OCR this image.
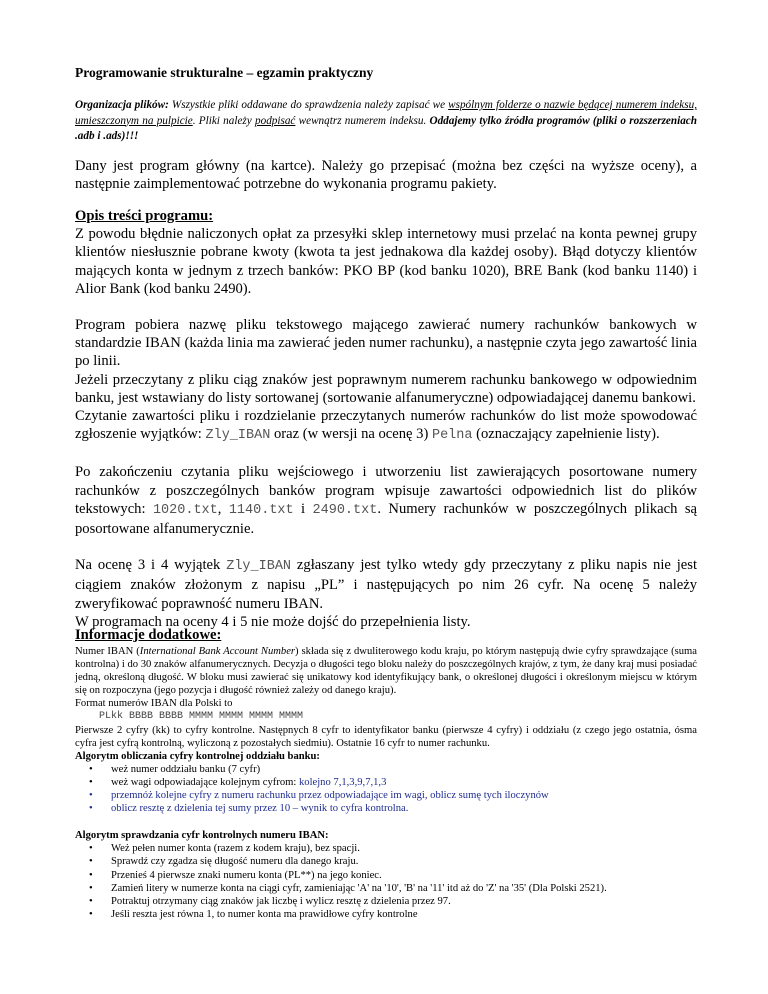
Programowanie strukturalne – egzamin praktyczny
Organizacja plików: Wszystkie pliki oddawane do sprawdzenia należy zapisać we wspólnym folderze o nazwie będącej numerem indeksu, umieszczonym na pulpicie. Pliki należy podpisać wewnątrz numerem indeksu. Oddajemy tylko źródła programów (pliki o rozszerzeniach .adb i .ads)!!!
Dany jest program główny (na kartce). Należy go przepisać (można bez części na wyższe oceny), a następnie zaimplementować potrzebne do wykonania programu pakiety.
Opis treści programu:
Z powodu błędnie naliczonych opłat za przesyłki sklep internetowy musi przelać na konta pewnej grupy klientów niesłusznie pobrane kwoty (kwota ta jest jednakowa dla każdej osoby). Błąd dotyczy klientów mających konta w jednym z trzech banków: PKO BP (kod banku 1020), BRE Bank (kod banku 1140) i Alior Bank (kod banku 2490).
Program pobiera nazwę pliku tekstowego mającego zawierać numery rachunków bankowych w standardzie IBAN (każda linia ma zawierać jeden numer rachunku), a następnie czyta jego zawartość linia po linii.
Jeżeli przeczytany z pliku ciąg znaków jest poprawnym numerem rachunku bankowego w odpowiednim banku, jest wstawiany do listy sortowanej (sortowanie alfanumeryczne) odpowiadającej danemu bankowi.
Czytanie zawartości pliku i rozdzielanie przeczytanych numerów rachunków do list może spowodować zgłoszenie wyjątków: Zly_IBAN oraz (w wersji na ocenę 3) Pelna (oznaczający zapełnienie listy).
Po zakończeniu czytania pliku wejściowego i utworzeniu list zawierających posortowane numery rachunków z poszczególnych banków program wpisuje zawartości odpowiednich list do plików tekstowych: 1020.txt, 1140.txt i 2490.txt. Numery rachunków w poszczególnych plikach są posortowane alfanumerycznie.
Na ocenę 3 i 4 wyjątek Zly_IBAN zgłaszany jest tylko wtedy gdy przeczytany z pliku napis nie jest ciągiem znaków złożonym z napisu „PL” i następujących po nim 26 cyfr. Na ocenę 5 należy zweryfikować poprawność numeru IBAN.
W programach na oceny 4 i 5 nie może dojść do przepełnienia listy.
Informacje dodatkowe:
Numer IBAN (International Bank Account Number) składa się z dwuliterowego kodu kraju, po którym następują dwie cyfry sprawdzające (suma kontrolna) i do 30 znaków alfanumerycznych. Decyzja o długości tego bloku należy do poszczególnych krajów, z tym, że dany kraj musi posiadać jedną, określoną długość. W bloku musi zawierać się unikatowy kod identyfikujący bank, o określonej długości i określonym miejscu w którym się on rozpoczyna (jego pozycja i długość również zależy od danego kraju).
Format numerów IBAN dla Polski to
PLkk BBBB BBBB MMMM MMMM MMMM MMMM
Pierwsze 2 cyfry (kk) to cyfry kontrolne. Następnych 8 cyfr to identyfikator banku (pierwsze 4 cyfry) i oddziału (z czego jego ostatnia, ósma cyfra jest cyfrą kontrolną, wyliczoną z pozostałych siedmiu). Ostatnie 16 cyfr to numer rachunku.
Algorytm obliczania cyfry kontrolnej oddziału banku:
• weż numer oddziału banku (7 cyfr)
• weż wagi odpowiadające kolejnym cyfrom: kolejno 7,1,3,9,7,1,3
• przemnóż kolejne cyfry z numeru rachunku przez odpowiadające im wagi, oblicz sumę tych iloczynów
• oblicz resztę z dzielenia tej sumy przez 10 – wynik to cyfra kontrolna.
Algorytm sprawdzania cyfr kontrolnych numeru IBAN:
• Weż pełen numer konta (razem z kodem kraju), bez spacji.
• Sprawdź czy zgadza się długość numeru dla danego kraju.
• Przenieś 4 pierwsze znaki numeru konta (PL**) na jego koniec.
• Zamień litery w numerze konta na ciągi cyfr, zamieniając 'A' na '10', 'B' na '11' itd aż do 'Z' na '35' (Dla Polski 2521).
• Potraktuj otrzymany ciąg znaków jak liczbę i wylicz resztę z dzielenia przez 97.
• Jeśli reszta jest równa 1, to numer konta ma prawidłowe cyfry kontrolne
